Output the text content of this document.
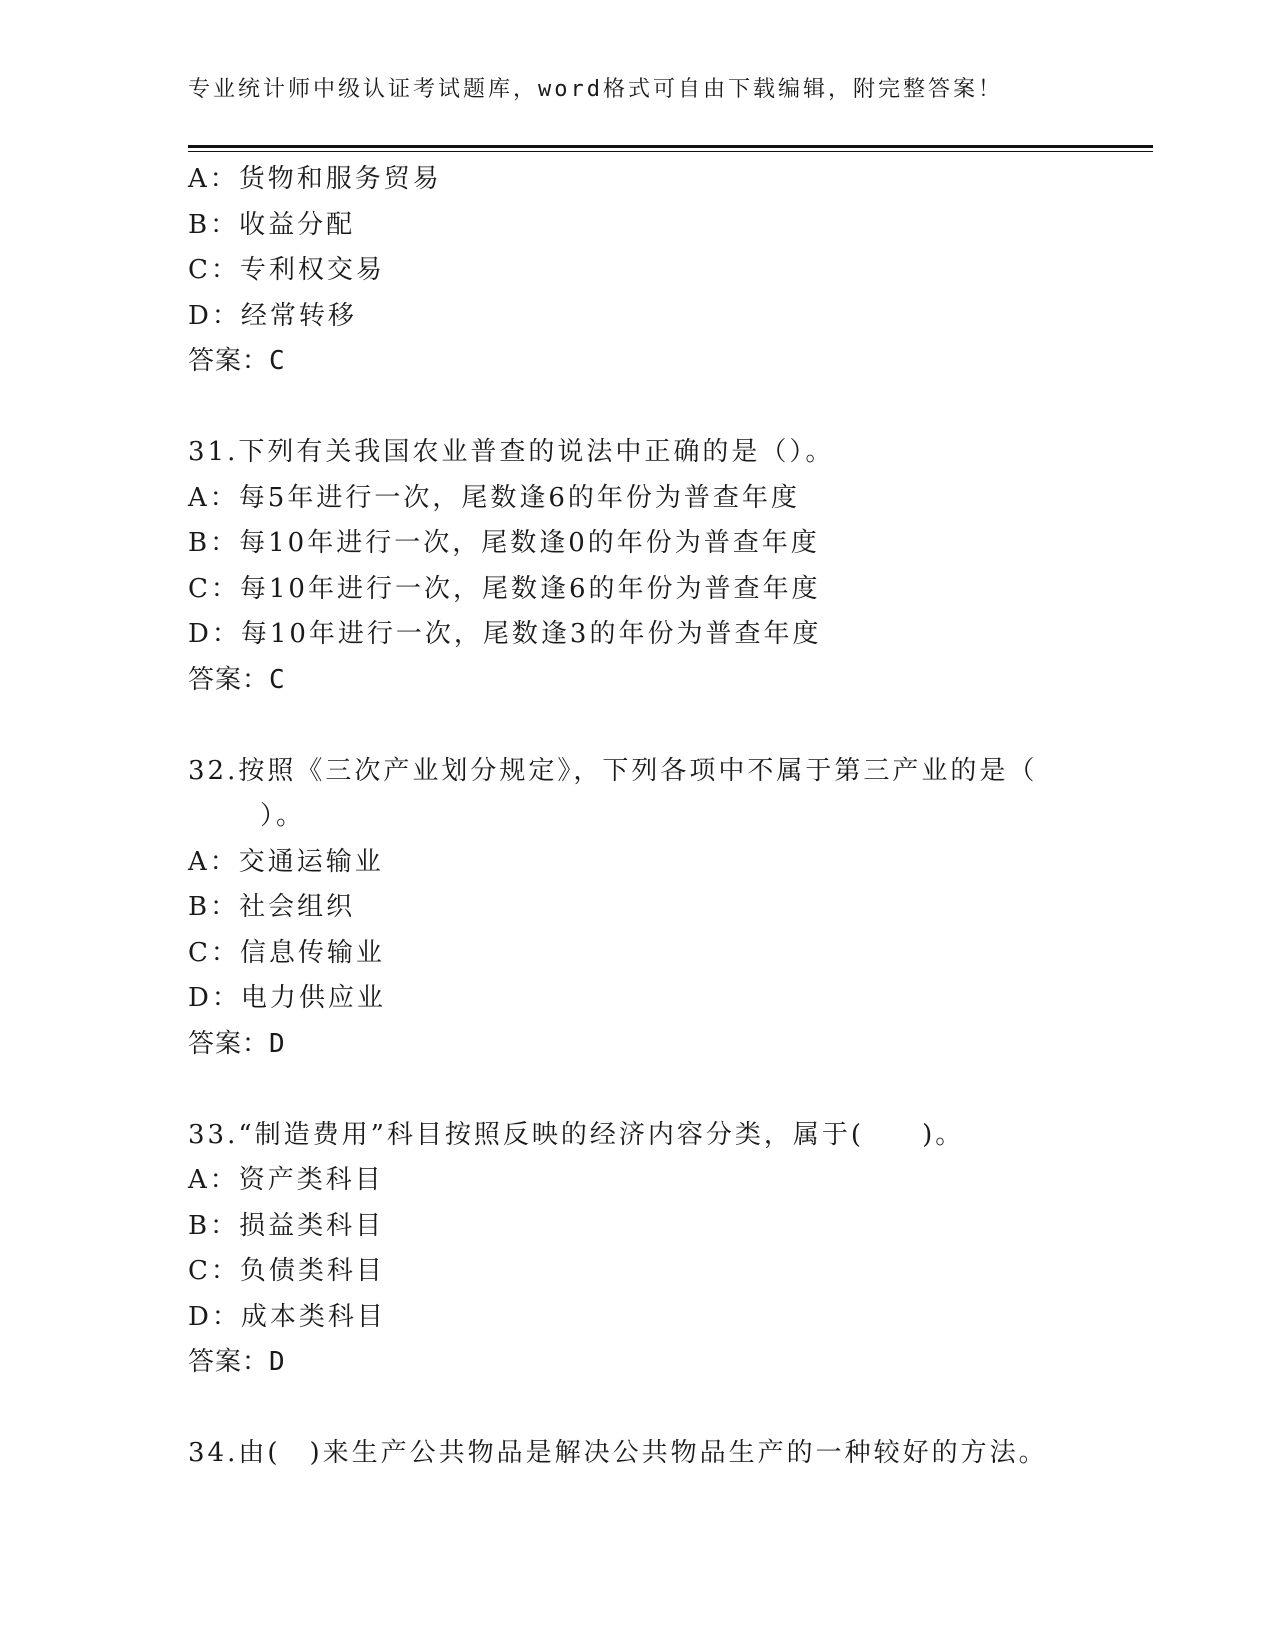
专业统计师中级认证考试题库，word格式可自由下载编辑，附完整答案！
A：货物和服务贸易
B：收益分配
C：专利权交易
D：经常转移
答案：C
31.下列有关我国农业普查的说法中正确的是（）。
A：每5年进行一次，尾数逢6的年份为普查年度
B：每10年进行一次，尾数逢0的年份为普查年度
C：每10年进行一次，尾数逢6的年份为普查年度
D：每10年进行一次，尾数逢3的年份为普查年度
答案：C
32.按照《三次产业划分规定》，下列各项中不属于第三产业的是（
）。
A：交通运输业
B：社会组织
C：信息传输业
D：电力供应业
答案：D
33.“制造费用”科目按照反映的经济内容分类，属于(　　)。
A：资产类科目
B：损益类科目
C：负债类科目
D：成本类科目
答案：D
34.由(　)来生产公共物品是解决公共物品生产的一种较好的方法。
